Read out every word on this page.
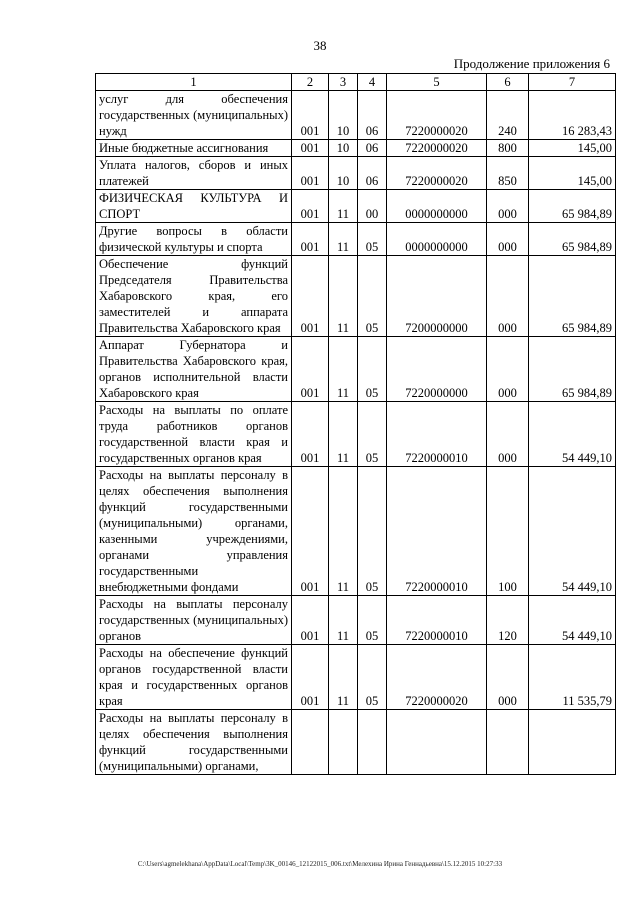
38
Продолжение приложения 6
1	2	3	4	5	6	7
услуг для обеспечения государственных (муниципальных) нужд	001	10	06	7220000020	240	16 283,43
Иные бюджетные ассигнования	001	10	06	7220000020	800	145,00
Уплата налогов, сборов и иных платежей	001	10	06	7220000020	850	145,00
ФИЗИЧЕСКАЯ КУЛЬТУРА И СПОРТ	001	11	00	0000000000	000	65 984,89
Другие вопросы в области физической культуры и спорта	001	11	05	0000000000	000	65 984,89
Обеспечение функций Председателя Правительства Хабаровского края, его заместителей и аппарата Правительства Хабаровского края	001	11	05	7200000000	000	65 984,89
Аппарат Губернатора и Правительства Хабаровского края, органов исполнительной власти Хабаровского края	001	11	05	7220000000	000	65 984,89
Расходы на выплаты по оплате труда работников органов государственной власти края и государственных органов края	001	11	05	7220000010	000	54 449,10
Расходы на выплаты персоналу в целях обеспечения выполнения функций государственными (муниципальными) органами, казенными учреждениями, органами управления государственными внебюджетными фондами	001	11	05	7220000010	100	54 449,10
Расходы на выплаты персоналу государственных (муниципальных) органов	001	11	05	7220000010	120	54 449,10
Расходы на обеспечение функций органов государственной власти края и государственных органов края	001	11	05	7220000020	000	11 535,79
Расходы на выплаты персоналу в целях обеспечения выполнения функций государственными (муниципальными) органами,						
C:\Users\agmelekhana\AppData\Local\Temp\3K_00146_12122015_006.txt\Мелехина Ирина Геннадьевна\15.12.2015 10:27:33
